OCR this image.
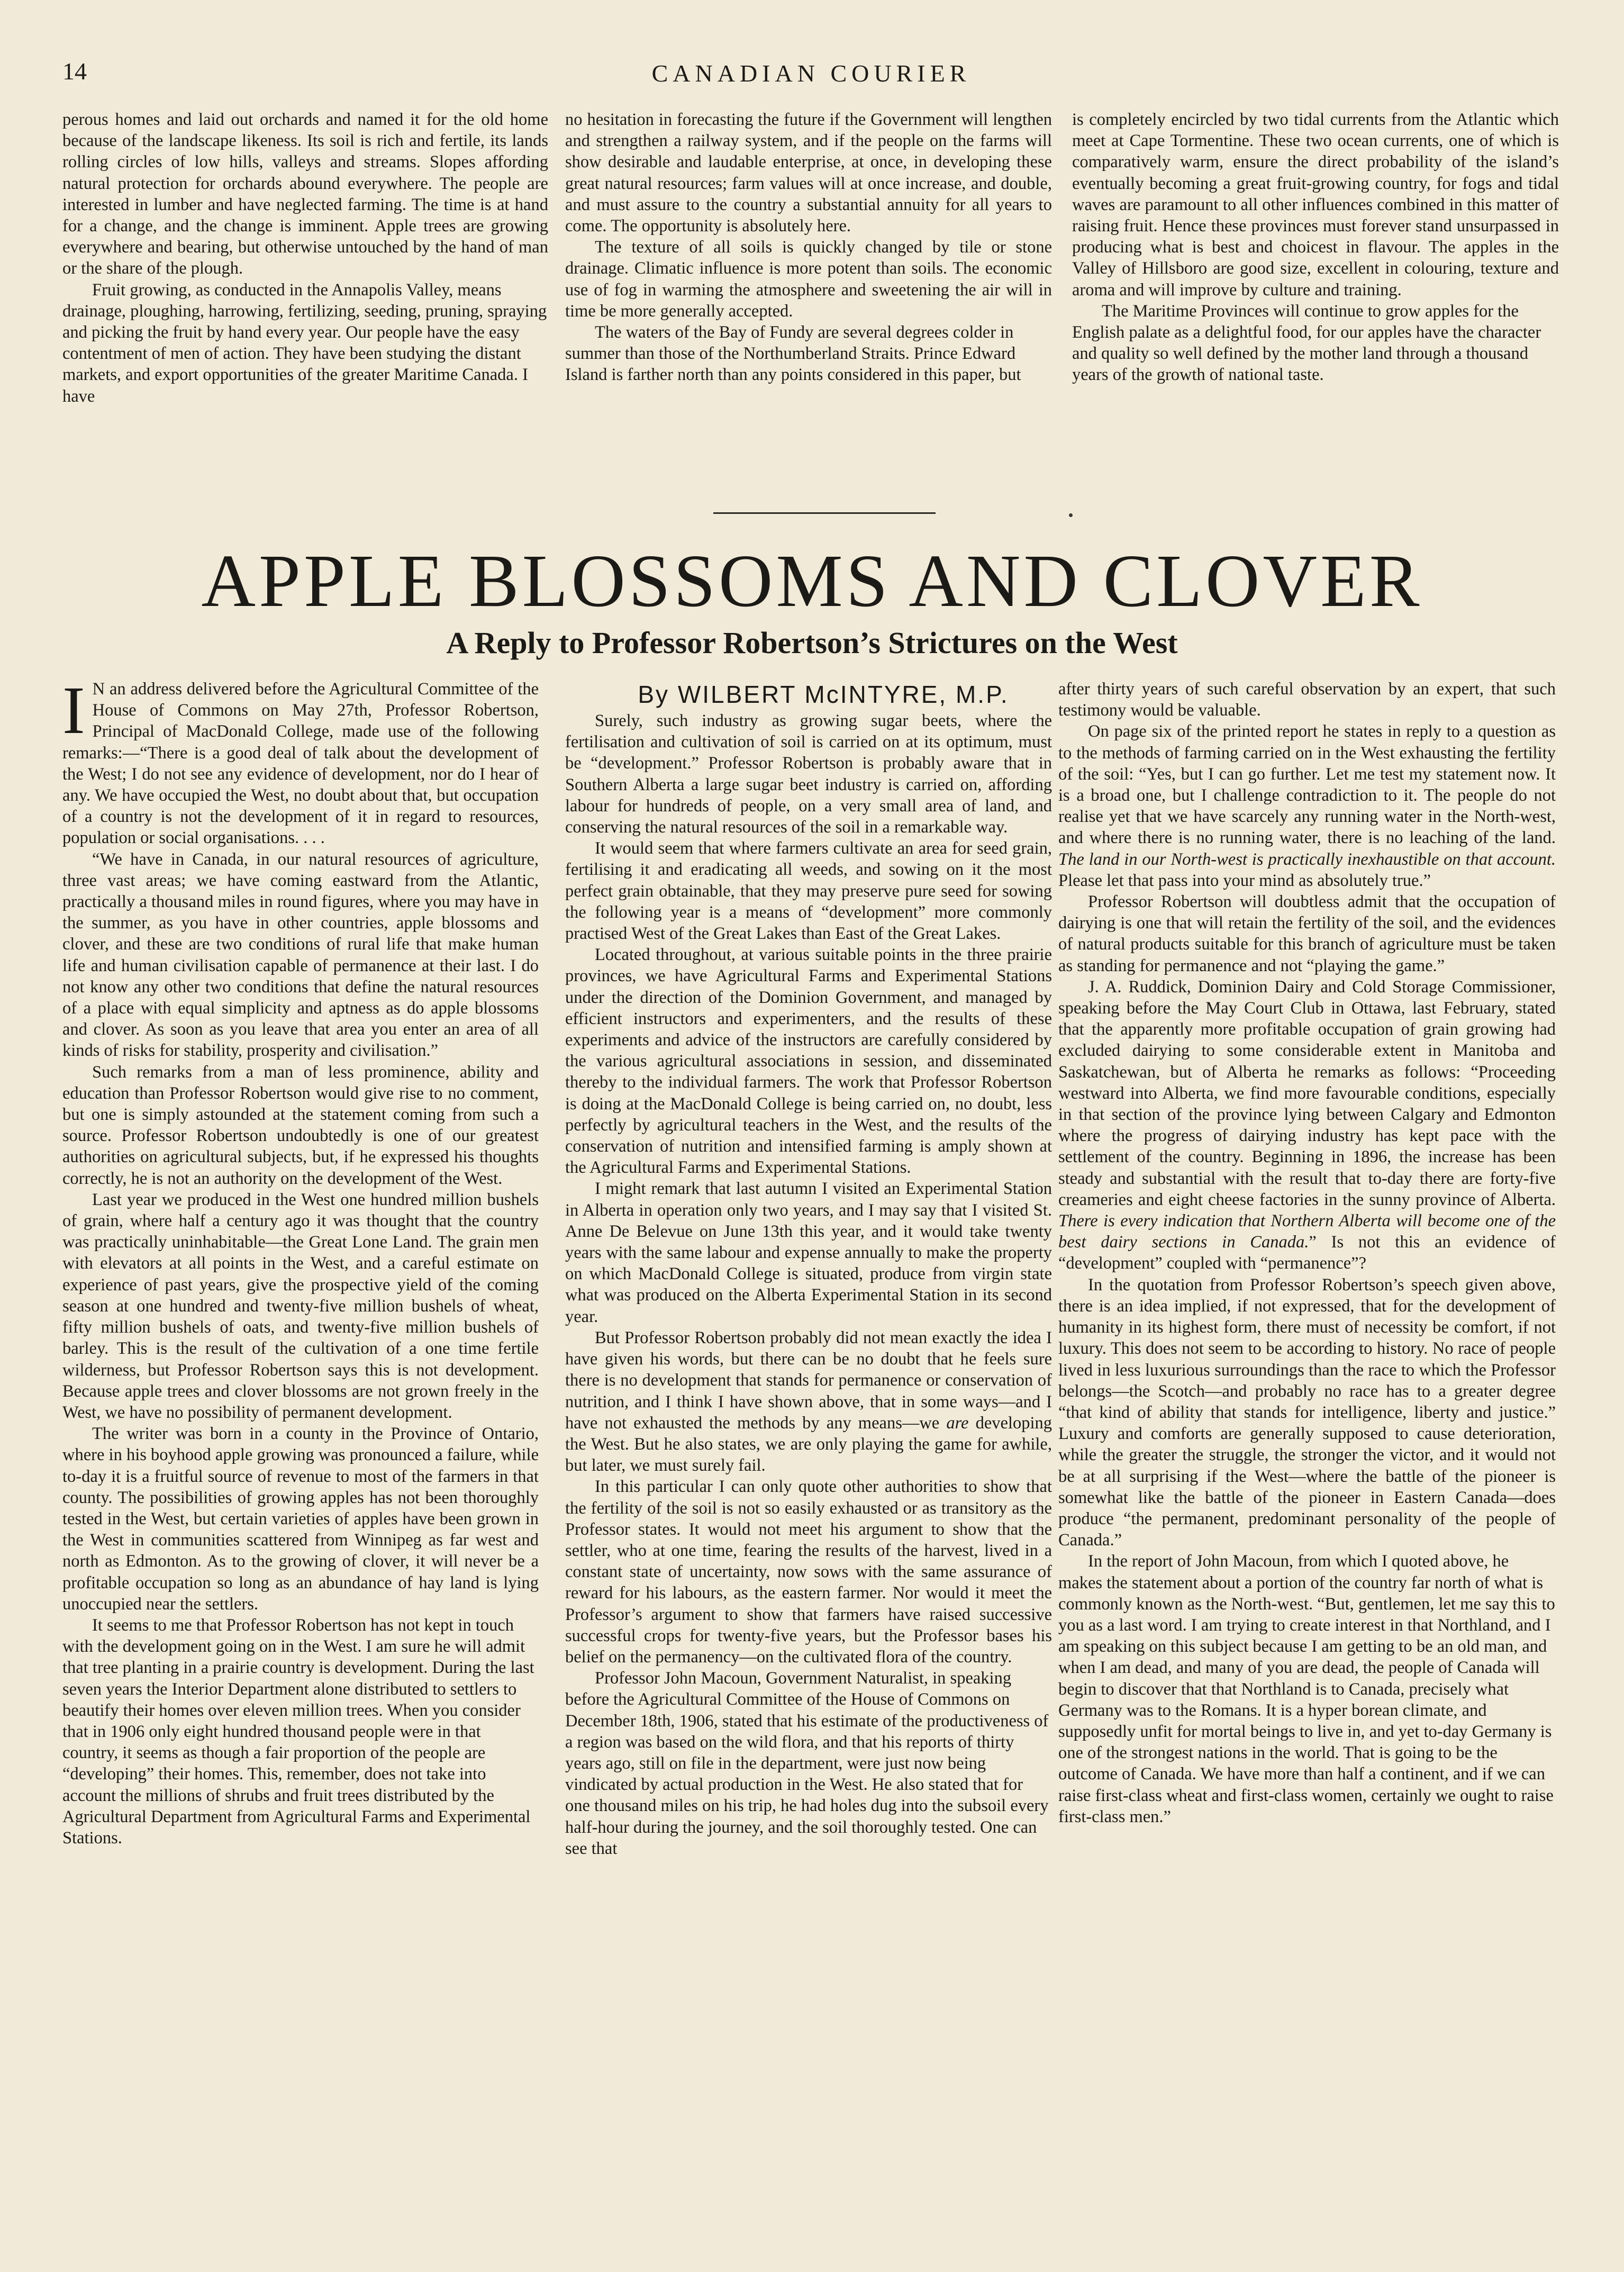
14	CANADIAN COURIER

perous homes and laid out orchards and named it for the old home because of the landscape likeness. Its soil is rich and fertile, its lands rolling circles of low hills, valleys and streams. Slopes affording natural protection for orchards abound everywhere. The people are interested in lumber and have neglected farming. The time is at hand for a change, and the change is imminent. Apple trees are growing everywhere and bearing, but otherwise untouched by the hand of man or the share of the plough.

Fruit growing, as conducted in the Annapolis Valley, means drainage, ploughing, harrowing, fertilizing, seeding, pruning, spraying and picking the fruit by hand every year. Our people have the easy contentment of men of action. They have been studying the distant markets, and export opportunities of the greater Maritime Canada. I have

no hesitation in forecasting the future if the Government will lengthen and strengthen a railway system, and if the people on the farms will show desirable and laudable enterprise, at once, in developing these great natural resources; farm values will at once increase, and double, and must assure to the country a substantial annuity for all years to come. The opportunity is absolutely here.

The texture of all soils is quickly changed by tile or stone drainage. Climatic influence is more potent than soils. The economic use of fog in warming the atmosphere and sweetening the air will in time be more generally accepted.

The waters of the Bay of Fundy are several degrees colder in summer than those of the Northumberland Straits. Prince Edward Island is farther north than any points considered in this paper, but

is completely encircled by two tidal currents from the Atlantic which meet at Cape Tormentine. These two ocean currents, one of which is comparatively warm, ensure the direct probability of the island’s eventually becoming a great fruit-growing country, for fogs and tidal waves are paramount to all other influences combined in this matter of raising fruit. Hence these provinces must forever stand unsurpassed in producing what is best and choicest in flavour. The apples in the Valley of Hillsboro are good size, excellent in colouring, texture and aroma and will improve by culture and training.

The Maritime Provinces will continue to grow apples for the English palate as a delightful food, for our apples have the character and quality so well defined by the mother land through a thousand years of the growth of national taste.

APPLE BLOSSOMS AND CLOVER
A Reply to Professor Robertson’s Strictures on the West
I N an address delivered before the Agricultural Committee of the House of Commons on May 27th, Professor Robertson, Principal of MacDonald College, made use of the following remarks:—“There is a good deal of talk about the development of the West; I do not see any evidence of development, nor do I hear of any. We have occupied the West, no doubt about that, but occupation of a country is not the development of it in regard to resources, population or social organisations. . . .

“We have in Canada, in our natural resources of agriculture, three vast areas; we have coming eastward from the Atlantic, practically a thousand miles in round figures, where you may have in the summer, as you have in other countries, apple blossoms and clover, and these are two conditions of rural life that make human life and human civilisation capable of permanence at their last. I do not know any other two conditions that define the natural resources of a place with equal simplicity and aptness as do apple blossoms and clover. As soon as you leave that area you enter an area of all kinds of risks for stability, prosperity and civilisation.”

Such remarks from a man of less prominence, ability and education than Professor Robertson would give rise to no comment, but one is simply astounded at the statement coming from such a source. Professor Robertson undoubtedly is one of our greatest authorities on agricultural subjects, but, if he expressed his thoughts correctly, he is not an authority on the development of the West.

Last year we produced in the West one hundred million bushels of grain, where half a century ago it was thought that the country was practically uninhabitable—the Great Lone Land. The grain men with elevators at all points in the West, and a careful estimate on experience of past years, give the prospective yield of the coming season at one hundred and twenty-five million bushels of wheat, fifty million bushels of oats, and twenty-five million bushels of barley. This is the result of the cultivation of a one time fertile wilderness, but Professor Robertson says this is not development. Because apple trees and clover blossoms are not grown freely in the West, we have no possibility of permanent development.

The writer was born in a county in the Province of Ontario, where in his boyhood apple growing was pronounced a failure, while to-day it is a fruitful source of revenue to most of the farmers in that county. The possibilities of growing apples has not been thoroughly tested in the West, but certain varieties of apples have been grown in the West in communities scattered from Winnipeg as far west and north as Edmonton. As to the growing of clover, it will never be a profitable occupation so long as an abundance of hay land is lying unoccupied near the settlers.

It seems to me that Professor Robertson has not kept in touch with the development going on in the West. I am sure he will admit that tree planting in a prairie country is development. During the last seven years the Interior Department alone distributed to settlers to beautify their homes over eleven million trees. When you consider that in 1906 only eight hundred thousand people were in that country, it seems as though a fair proportion of the people are “developing” their homes. This, remember, does not take into account the millions of shrubs and fruit trees distributed by the Agricultural Department from Agricultural Farms and Experimental Stations.

By WILBERT McINTYRE, M.P.

Surely, such industry as growing sugar beets, where the fertilisation and cultivation of soil is carried on at its optimum, must be “development.” Professor Robertson is probably aware that in Southern Alberta a large sugar beet industry is carried on, affording labour for hundreds of people, on a very small area of land, and conserving the natural resources of the soil in a remarkable way.

It would seem that where farmers cultivate an area for seed grain, fertilising it and eradicating all weeds, and sowing on it the most perfect grain obtainable, that they may preserve pure seed for sowing the following year is a means of “development” more commonly practised West of the Great Lakes than East of the Great Lakes.

Located throughout, at various suitable points in the three prairie provinces, we have Agricultural Farms and Experimental Stations under the direction of the Dominion Government, and managed by efficient instructors and experimenters, and the results of these experiments and advice of the instructors are carefully considered by the various agricultural associations in session, and disseminated thereby to the individual farmers. The work that Professor Robertson is doing at the MacDonald College is being carried on, no doubt, less perfectly by agricultural teachers in the West, and the results of the conservation of nutrition and intensified farming is amply shown at the Agricultural Farms and Experimental Stations.

I might remark that last autumn I visited an Experimental Station in Alberta in operation only two years, and I may say that I visited St. Anne De Belevue on June 13th this year, and it would take twenty years with the same labour and expense annually to make the property on which MacDonald College is situated, produce from virgin state what was produced on the Alberta Experimental Station in its second year.

But Professor Robertson probably did not mean exactly the idea I have given his words, but there can be no doubt that he feels sure there is no development that stands for permanence or conservation of nutrition, and I think I have shown above, that in some ways—and I have not exhausted the methods by any means—we are developing the West. But he also states, we are only playing the game for awhile, but later, we must surely fail.

In this particular I can only quote other authorities to show that the fertility of the soil is not so easily exhausted or as transitory as the Professor states. It would not meet his argument to show that the settler, who at one time, fearing the results of the harvest, lived in a constant state of uncertainty, now sows with the same assurance of reward for his labours, as the eastern farmer. Nor would it meet the Professor’s argument to show that farmers have raised successive successful crops for twenty-five years, but the Professor bases his belief on the permanency—on the cultivated flora of the country.

Professor John Macoun, Government Naturalist, in speaking before the Agricultural Committee of the House of Commons on December 18th, 1906, stated that his estimate of the productiveness of a region was based on the wild flora, and that his reports of thirty years ago, still on file in the department, were just now being vindicated by actual production in the West. He also stated that for one thousand miles on his trip, he had holes dug into the subsoil every half-hour during the journey, and the soil thoroughly tested. One can see that

after thirty years of such careful observation by an expert, that such testimony would be valuable.

On page six of the printed report he states in reply to a question as to the methods of farming carried on in the West exhausting the fertility of the soil: “Yes, but I can go further. Let me test my statement now. It is a broad one, but I challenge contradiction to it. The people do not realise yet that we have scarcely any running water in the North-west, and where there is no running water, there is no leaching of the land. The land in our North-west is practically inexhaustible on that account. Please let that pass into your mind as absolutely true.”

Professor Robertson will doubtless admit that the occupation of dairying is one that will retain the fertility of the soil, and the evidences of natural products suitable for this branch of agriculture must be taken as standing for permanence and not “playing the game.”

J. A. Ruddick, Dominion Dairy and Cold Storage Commissioner, speaking before the May Court Club in Ottawa, last February, stated that the apparently more profitable occupation of grain growing had excluded dairying to some considerable extent in Manitoba and Saskatchewan, but of Alberta he remarks as follows: “Proceeding westward into Alberta, we find more favourable conditions, especially in that section of the province lying between Calgary and Edmonton where the progress of dairying industry has kept pace with the settlement of the country. Beginning in 1896, the increase has been steady and substantial with the result that to-day there are forty-five creameries and eight cheese factories in the sunny province of Alberta. There is every indication that Northern Alberta will become one of the best dairy sections in Canada.” Is not this an evidence of “development” coupled with “permanence”?

In the quotation from Professor Robertson’s speech given above, there is an idea implied, if not expressed, that for the development of humanity in its highest form, there must of necessity be comfort, if not luxury. This does not seem to be according to history. No race of people lived in less luxurious surroundings than the race to which the Professor belongs—the Scotch—and probably no race has to a greater degree “that kind of ability that stands for intelligence, liberty and justice.” Luxury and comforts are generally supposed to cause deterioration, while the greater the struggle, the stronger the victor, and it would not be at all surprising if the West—where the battle of the pioneer is somewhat like the battle of the pioneer in Eastern Canada—does produce “the permanent, predominant personality of the people of Canada.”

In the report of John Macoun, from which I quoted above, he makes the statement about a portion of the country far north of what is commonly known as the North-west. “But, gentlemen, let me say this to you as a last word. I am trying to create interest in that Northland, and I am speaking on this subject because I am getting to be an old man, and when I am dead, and many of you are dead, the people of Canada will begin to discover that that Northland is to Canada, precisely what Germany was to the Romans. It is a hyper borean climate, and supposedly unfit for mortal beings to live in, and yet to-day Germany is one of the strongest nations in the world. That is going to be the outcome of Canada. We have more than half a continent, and if we can raise first-class wheat and first-class women, certainly we ought to raise first-class men.”
